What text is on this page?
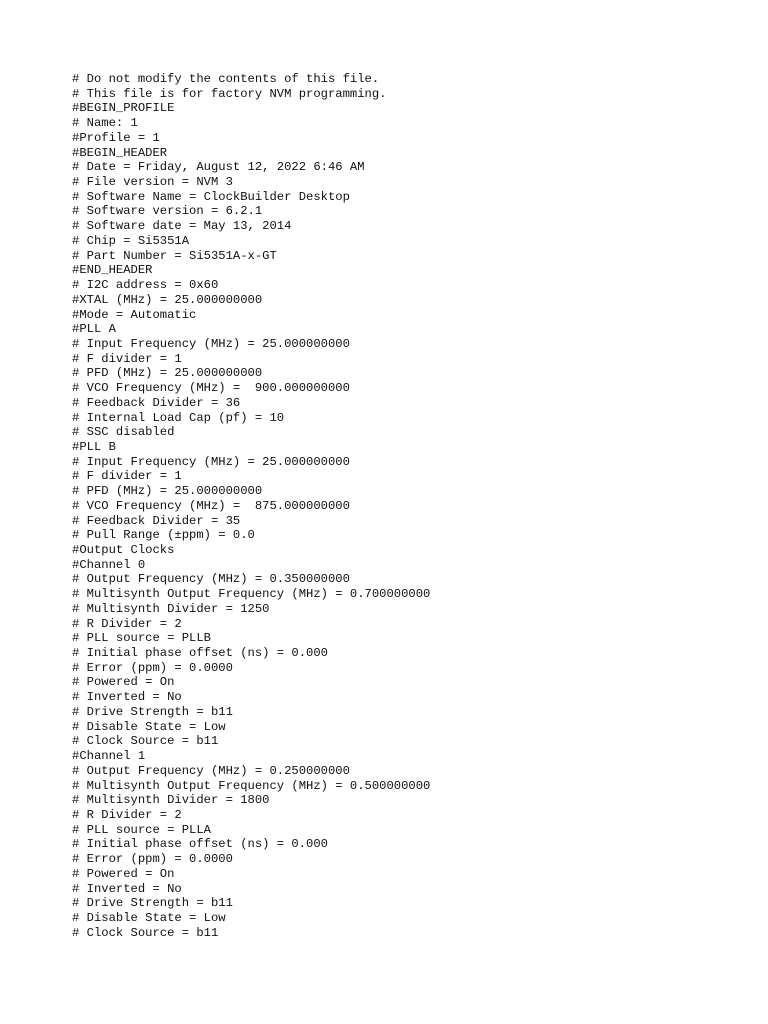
# Do not modify the contents of this file.
# This file is for factory NVM programming.
#BEGIN_PROFILE
# Name: 1
#Profile = 1
#BEGIN_HEADER
# Date = Friday, August 12, 2022 6:46 AM
# File version = NVM 3
# Software Name = ClockBuilder Desktop
# Software version = 6.2.1
# Software date = May 13, 2014
# Chip = Si5351A
# Part Number = Si5351A-x-GT
#END_HEADER
# I2C address = 0x60
#XTAL (MHz) = 25.000000000
#Mode = Automatic
#PLL A
# Input Frequency (MHz) = 25.000000000
# F divider = 1
# PFD (MHz) = 25.000000000
# VCO Frequency (MHz) =  900.000000000
# Feedback Divider = 36
# Internal Load Cap (pf) = 10
# SSC disabled
#PLL B
# Input Frequency (MHz) = 25.000000000
# F divider = 1
# PFD (MHz) = 25.000000000
# VCO Frequency (MHz) =  875.000000000
# Feedback Divider = 35
# Pull Range (±ppm) = 0.0
#Output Clocks
#Channel 0
# Output Frequency (MHz) = 0.350000000
# Multisynth Output Frequency (MHz) = 0.700000000
# Multisynth Divider = 1250
# R Divider = 2
# PLL source = PLLB
# Initial phase offset (ns) = 0.000
# Error (ppm) = 0.0000
# Powered = On
# Inverted = No
# Drive Strength = b11
# Disable State = Low
# Clock Source = b11
#Channel 1
# Output Frequency (MHz) = 0.250000000
# Multisynth Output Frequency (MHz) = 0.500000000
# Multisynth Divider = 1800
# R Divider = 2
# PLL source = PLLA
# Initial phase offset (ns) = 0.000
# Error (ppm) = 0.0000
# Powered = On
# Inverted = No
# Drive Strength = b11
# Disable State = Low
# Clock Source = b11
